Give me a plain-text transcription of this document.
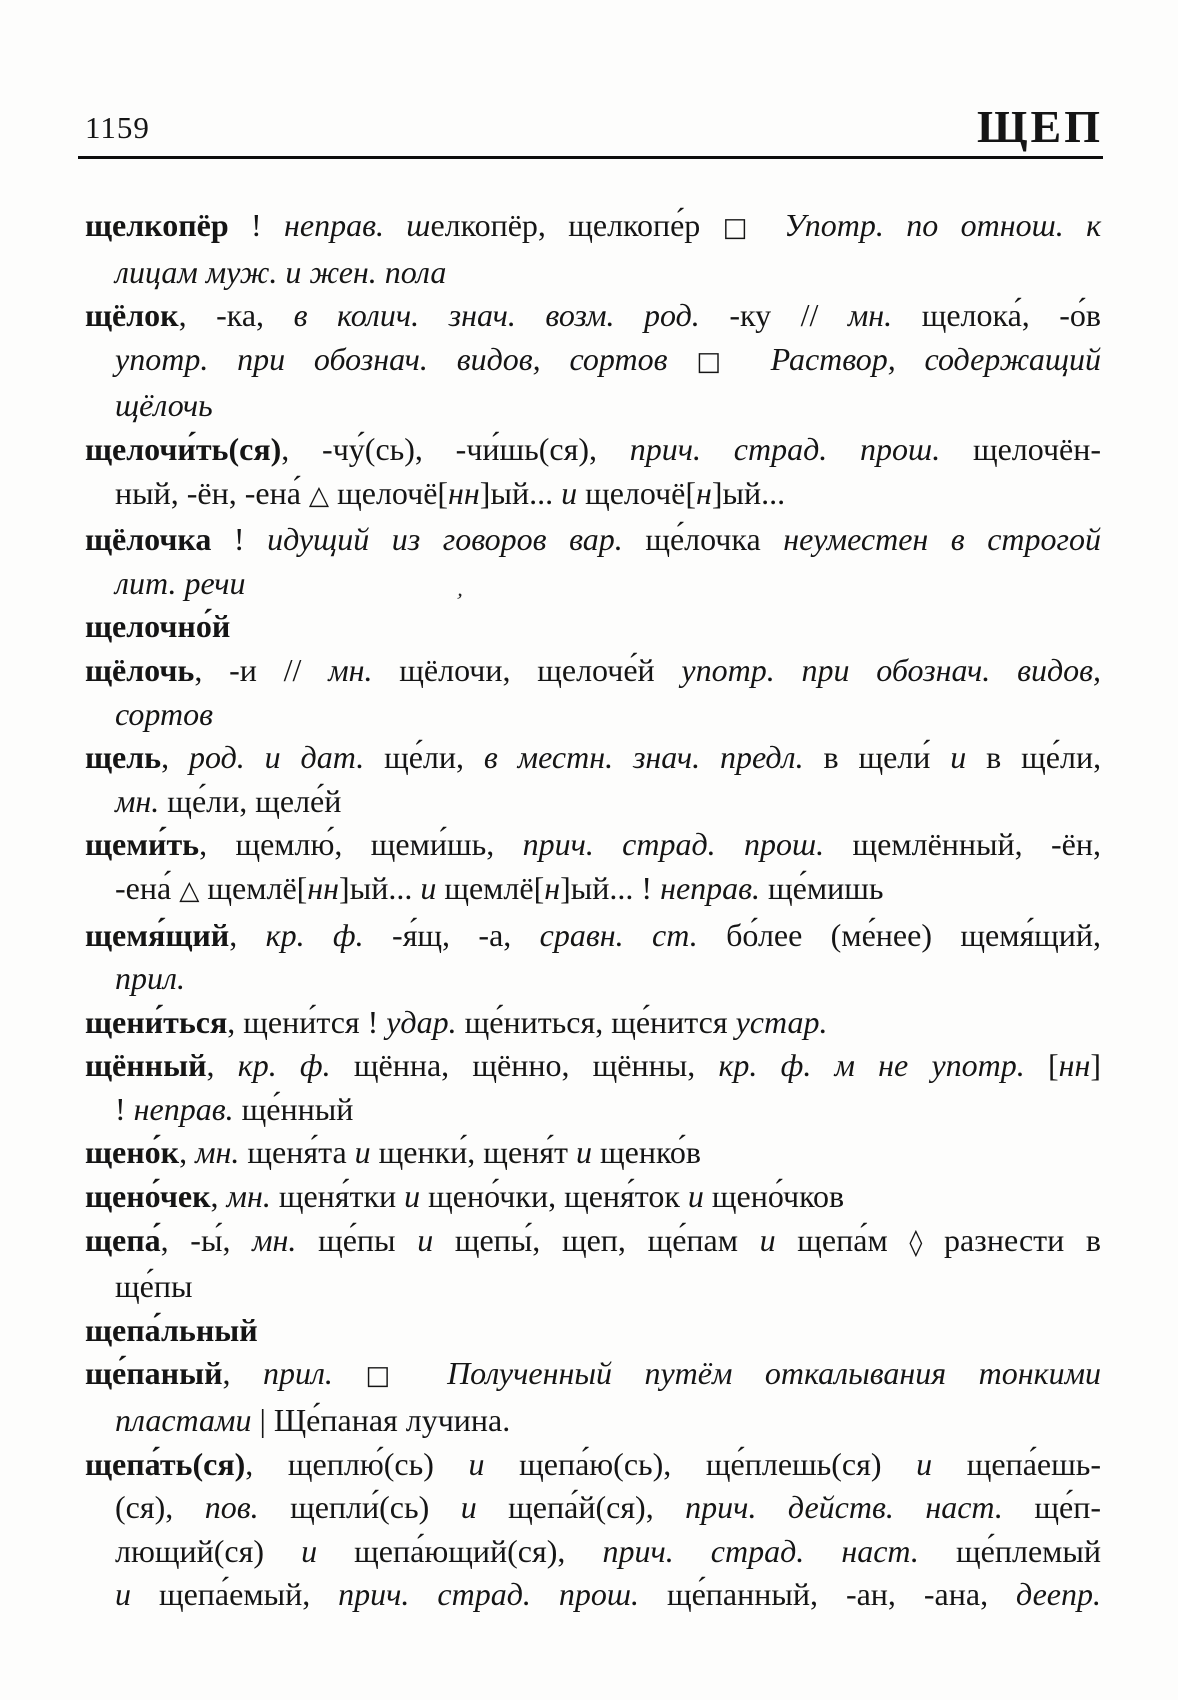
1159	ЩЕП
щелкопёр ! неправ. шелкопёр, щелкопе́р □ Употр. по отнош. к
лицам муж. и жен. пола
щёлок, -ка, в колич. знач. возм. род. -ку // мн. щелока́, -о́в
употр. при обознач. видов, сортов □ Раствор, содержащий
щёлочь
щелочи́ть(ся), -чу́(сь), -чи́шь(ся), прич. страд. прош. щелочён-
ный, -ён, -ена́ △ щелочё[нн]ый... и щелочё[н]ый...
щёлочка ! идущий из говоров вар. ще́лочка неуместен в строгой
лит. речи
щелочно́й
щёлочь, -и // мн. щёлочи, щелоче́й употр. при обознач. видов,
сортов
щель, род. и дат. ще́ли, в местн. знач. предл. в щели́ и в ще́ли,
мн. ще́ли, щеле́й
щеми́ть, щемлю́, щеми́шь, прич. страд. прош. щемлённый, -ён,
-ена́ △ щемлё[нн]ый... и щемлё[н]ый... ! неправ. ще́мишь
щемя́щий, кр. ф. -я́щ, -а, сравн. ст. бо́лее (ме́нее) щемя́щий,
прил.
щени́ться, щени́тся ! удар. ще́ниться, ще́нится устар.
щённый, кр. ф. щённа, щённо, щённы, кр. ф. м не употр. [нн]
! неправ. ще́нный
щено́к, мн. щеня́та и щенки́, щеня́т и щенко́в
щено́чек, мн. щеня́тки и щено́чки, щеня́ток и щено́чков
щепа́, -ы́, мн. ще́пы и щепы́, щеп, ще́пам и щепа́м ◊ разнести в
ще́пы
щепа́льный
ще́паный, прил. □ Полученный путём откалывания тонкими
пластами | Ще́паная лучина.
щепа́ть(ся), щеплю́(сь) и щепа́ю(сь), ще́плешь(ся) и щепа́ешь-
(ся), пов. щепли́(сь) и щепа́й(ся), прич. действ. наст. ще́п-
лющий(ся) и щепа́ющий(ся), прич. страд. наст. ще́племый
и щепа́емый, прич. страд. прош. ще́панный, -ан, -ана, деепр.
ʼ
